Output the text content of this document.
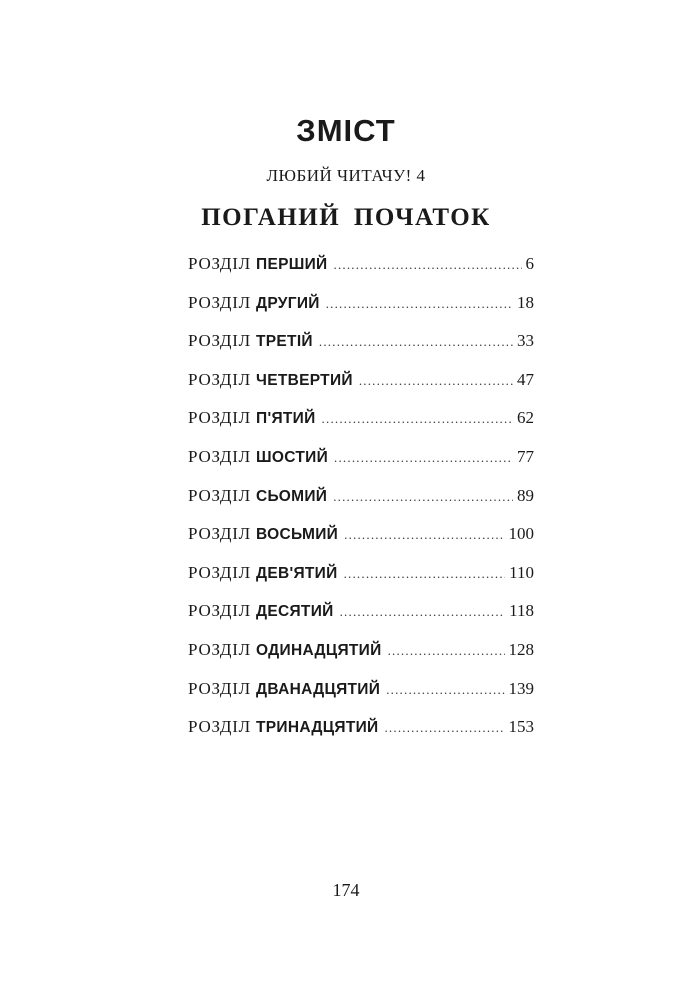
ЗМІСТ
ЛЮБИЙ ЧИТАЧУ! 4
ПОГАНИЙ ПОЧАТОК
РОЗДІЛ ПЕРШИЙ .....	6
РОЗДІЛ ДРУГИЙ .....	18
РОЗДІЛ ТРЕТІЙ .....	33
РОЗДІЛ ЧЕТВЕРТИЙ .....	47
РОЗДІЛ П'ЯТИЙ .....	62
РОЗДІЛ ШОСТИЙ .....	77
РОЗДІЛ СЬОМИЙ .....	89
РОЗДІЛ ВОСЬМИЙ .....	100
РОЗДІЛ ДЕВ'ЯТИЙ .....	110
РОЗДІЛ ДЕСЯТИЙ .....	118
РОЗДІЛ ОДИНАДЦЯТИЙ .....	128
РОЗДІЛ ДВАНАДЦЯТИЙ .....	139
РОЗДІЛ ТРИНАДЦЯТИЙ .....	153
174
